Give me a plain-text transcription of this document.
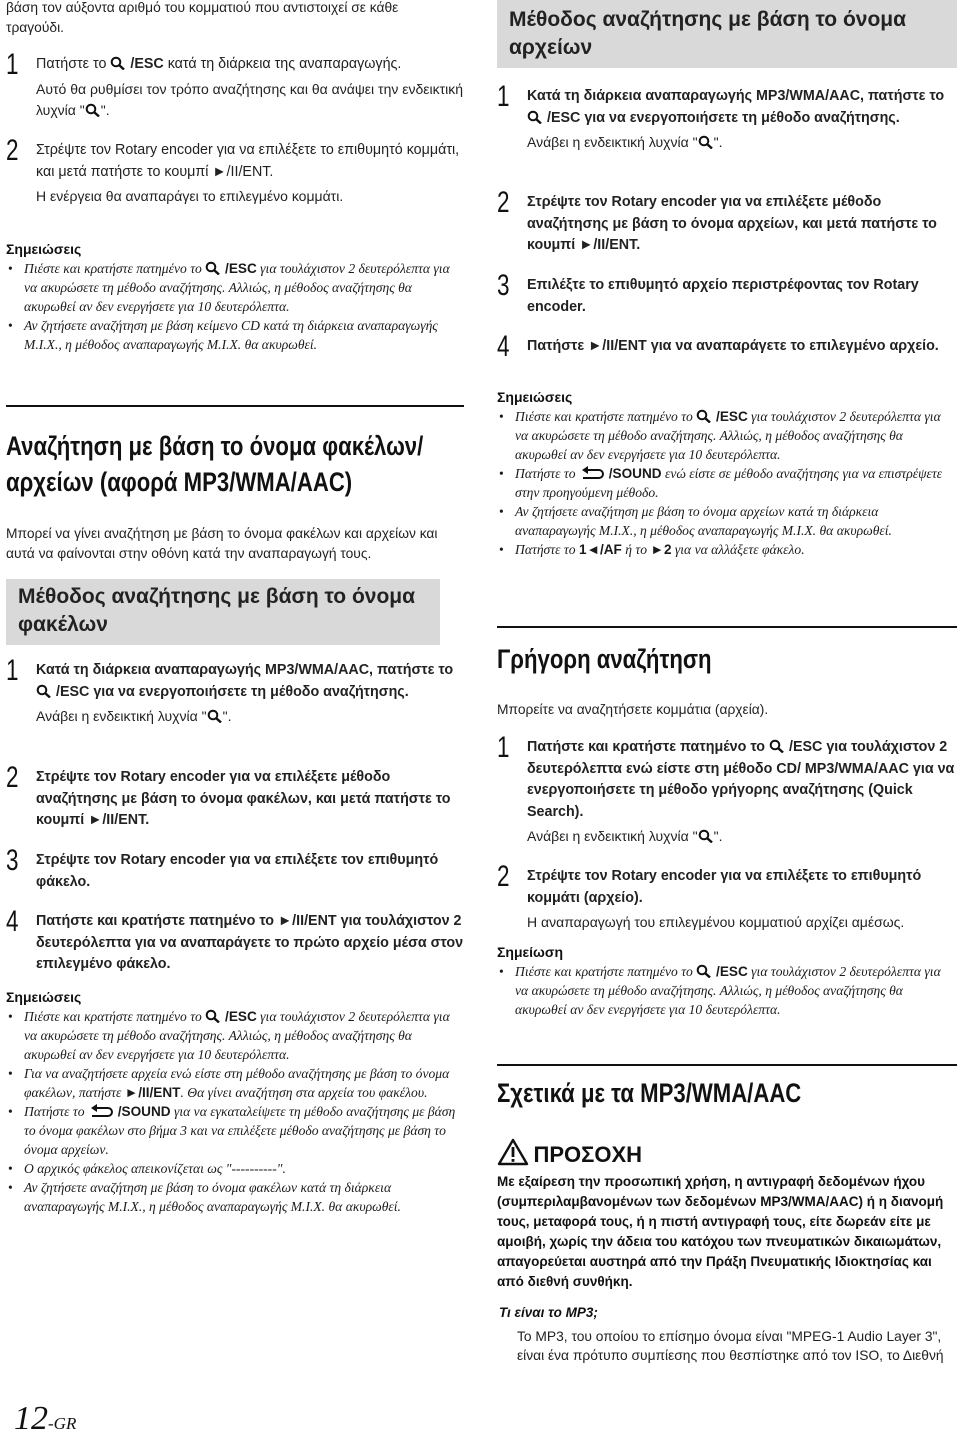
βάση τον αύξοντα αριθμό του κομματιού που αντιστοιχεί σε κάθε τραγούδι.
1 Πατήστε το  /ESC κατά τη διάρκεια της αναπαραγωγής.
Αυτό θα ρυθμίσει τον τρόπο αναζήτησης και θα ανάψει την ενδεικτική λυχνία " ".
2 Στρέψτε τον Rotary encoder για να επιλέξετε το επιθυμητό κομμάτι, και μετά πατήστε το κουμπί ►/II/ENT.
Η ενέργεια θα αναπαράγει το επιλεγμένο κομμάτι.
Σημειώσεις
• Πιέστε και κρατήστε πατημένο το  /ESC για τουλάχιστον 2 δευτερόλεπτα για να ακυρώσετε τη μέθοδο αναζήτησης. Αλλιώς, η μέθοδος αναζήτησης θα ακυρωθεί αν δεν ενεργήσετε για 10 δευτερόλεπτα.
• Αν ζητήσετε αναζήτηση με βάση κείμενο CD κατά τη διάρκεια αναπαραγωγής M.I.X., η μέθοδος αναπαραγωγής M.I.X. θα ακυρωθεί.
Αναζήτηση με βάση το όνομα φακέλων/
αρχείων (αφορά MP3/WMA/AAC)
Μπορεί να γίνει αναζήτηση με βάση το όνομα φακέλων και αρχείων και αυτά να φαίνονται στην οθόνη κατά την αναπαραγωγή τους.
Μέθοδος αναζήτησης με βάση το όνομα φακέλων
1 Κατά τη διάρκεια αναπαραγωγής MP3/WMA/AAC, πατήστε το  /ESC για να ενεργοποιήσετε τη μέθοδο αναζήτησης.
Ανάβει η ενδεικτική λυχνία " ".
2 Στρέψτε τον Rotary encoder για να επιλέξετε μέθοδο αναζήτησης με βάση το όνομα φακέλων, και μετά πατήστε το κουμπί ►/II/ENT.
3 Στρέψτε τον Rotary encoder για να επιλέξετε τον επιθυμητό φάκελο.
4 Πατήστε και κρατήστε πατημένο το ►/II/ENT για τουλάχιστον 2 δευτερόλεπτα για να αναπαράγετε το πρώτο αρχείο μέσα στον επιλεγμένο φάκελο.
Σημειώσεις
• Πιέστε και κρατήστε πατημένο το  /ESC για τουλάχιστον 2 δευτερόλεπτα για να ακυρώσετε τη μέθοδο αναζήτησης. Αλλιώς, η μέθοδος αναζήτησης θα ακυρωθεί αν δεν ενεργήσετε για 10 δευτερόλεπτα.
• Για να αναζητήσετε αρχεία ενώ είστε στη μέθοδο αναζήτησης με βάση το όνομα φακέλων, πατήστε ►/II/ENT. Θα γίνει αναζήτηση στα αρχεία του φακέλου.
• Πατήστε το  /SOUND για να εγκαταλείψετε τη μέθοδο αναζήτησης με βάση το όνομα φακέλων στο βήμα 3 και να επιλέξετε μέθοδο αναζήτησης με βάση το όνομα αρχείων.
• Ο αρχικός φάκελος απεικονίζεται ως "----------".
• Αν ζητήσετε αναζήτηση με βάση το όνομα φακέλων κατά τη διάρκεια αναπαραγωγής M.I.X., η μέθοδος αναπαραγωγής M.I.X. θα ακυρωθεί.
12-GR
Μέθοδος αναζήτησης με βάση το όνομα αρχείων
1 Κατά τη διάρκεια αναπαραγωγής MP3/WMA/AAC, πατήστε το  /ESC για να ενεργοποιήσετε τη μέθοδο αναζήτησης.
Ανάβει η ενδεικτική λυχνία " ".
2 Στρέψτε τον Rotary encoder για να επιλέξετε μέθοδο αναζήτησης με βάση το όνομα αρχείων, και μετά πατήστε το κουμπί ►/II/ENT.
3 Επιλέξτε το επιθυμητό αρχείο περιστρέφοντας τον Rotary encoder.
4 Πατήστε ►/II/ENT για να αναπαράγετε το επιλεγμένο αρχείο.
Σημειώσεις
• Πιέστε και κρατήστε πατημένο το  /ESC για τουλάχιστον 2 δευτερόλεπτα για να ακυρώσετε τη μέθοδο αναζήτησης. Αλλιώς, η μέθοδος αναζήτησης θα ακυρωθεί αν δεν ενεργήσετε για 10 δευτερόλεπτα.
• Πατήστε το  /SOUND ενώ είστε σε μέθοδο αναζήτησης για να επιστρέψετε στην προηγούμενη μέθοδο.
• Αν ζητήσετε αναζήτηση με βάση το όνομα αρχείων κατά τη διάρκεια αναπαραγωγής M.I.X., η μέθοδος αναπαραγωγής M.I.X. θα ακυρωθεί.
• Πατήστε το 1◄/AF ή το ►2 για να αλλάξετε φάκελο.
Γρήγορη αναζήτηση
Μπορείτε να αναζητήσετε κομμάτια (αρχεία).
1 Πατήστε και κρατήστε πατημένο το  /ESC για τουλάχιστον 2 δευτερόλεπτα ενώ είστε στη μέθοδο CD/ MP3/WMA/AAC για να ενεργοποιήσετε τη μέθοδο γρήγορης αναζήτησης (Quick Search).
Ανάβει η ενδεικτική λυχνία " ".
2 Στρέψτε τον Rotary encoder για να επιλέξετε το επιθυμητό κομμάτι (αρχείο).
Η αναπαραγωγή του επιλεγμένου κομματιού αρχίζει αμέσως.
Σημείωση
• Πιέστε και κρατήστε πατημένο το  /ESC για τουλάχιστον 2 δευτερόλεπτα για να ακυρώσετε τη μέθοδο αναζήτησης. Αλλιώς, η μέθοδος αναζήτησης θα ακυρωθεί αν δεν ενεργήσετε για 10 δευτερόλεπτα.
Σχετικά με τα MP3/WMA/AAC
ΠΡΟΣΟΧΗ
Με εξαίρεση την προσωπική χρήση, η αντιγραφή δεδομένων ήχου (συμπεριλαμβανομένων των δεδομένων MP3/WMA/AAC) ή η διανομή τους, μεταφορά τους, ή η πιστή αντιγραφή τους, είτε δωρεάν είτε με αμοιβή, χωρίς την άδεια του κατόχου των πνευματικών δικαιωμάτων, απαγορεύεται αυστηρά από την Πράξη Πνευματικής Ιδιοκτησίας και από διεθνή συνθήκη.
Τι είναι το MP3;
Το MP3, του οποίου το επίσημο όνομα είναι "MPEG-1 Audio Layer 3", είναι ένα πρότυπο συμπίεσης που θεσπίστηκε από τον ISO, το Διεθνή
